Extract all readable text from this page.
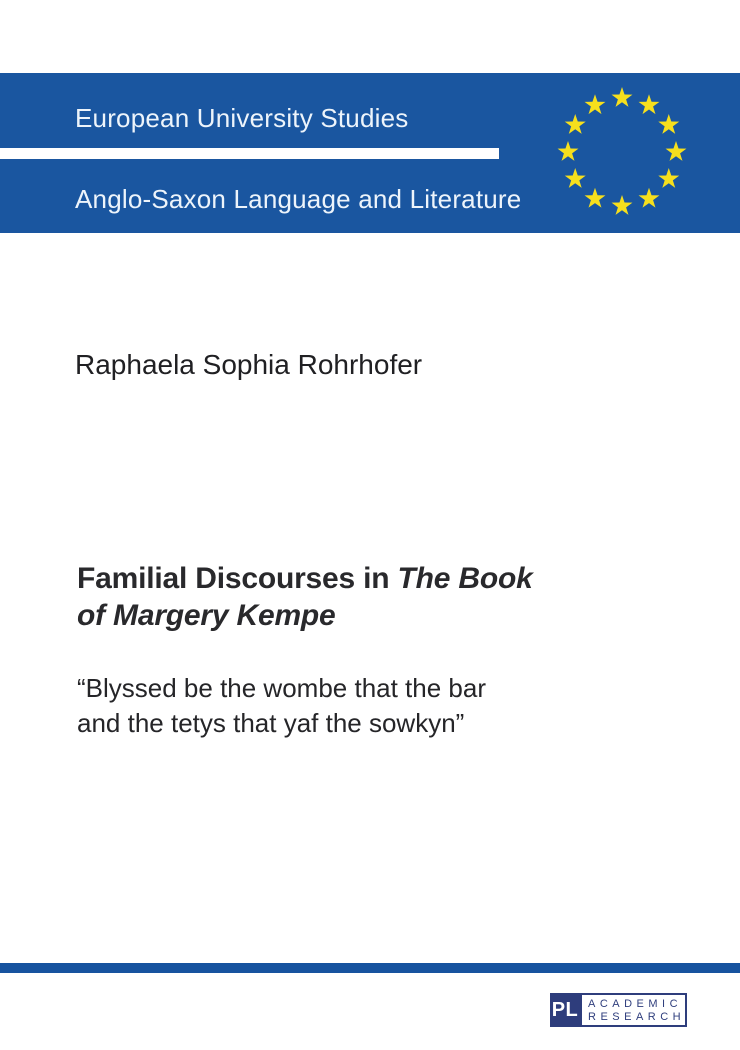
European University Studies
Anglo-Saxon Language and Literature
Raphaela Sophia Rohrhofer
Familial Discourses in The Book
of Margery Kempe
“Blyssed be the wombe that the bar
and the tetys that yaf the sowkyn”
PL ACADEMIC
RESEARCH
